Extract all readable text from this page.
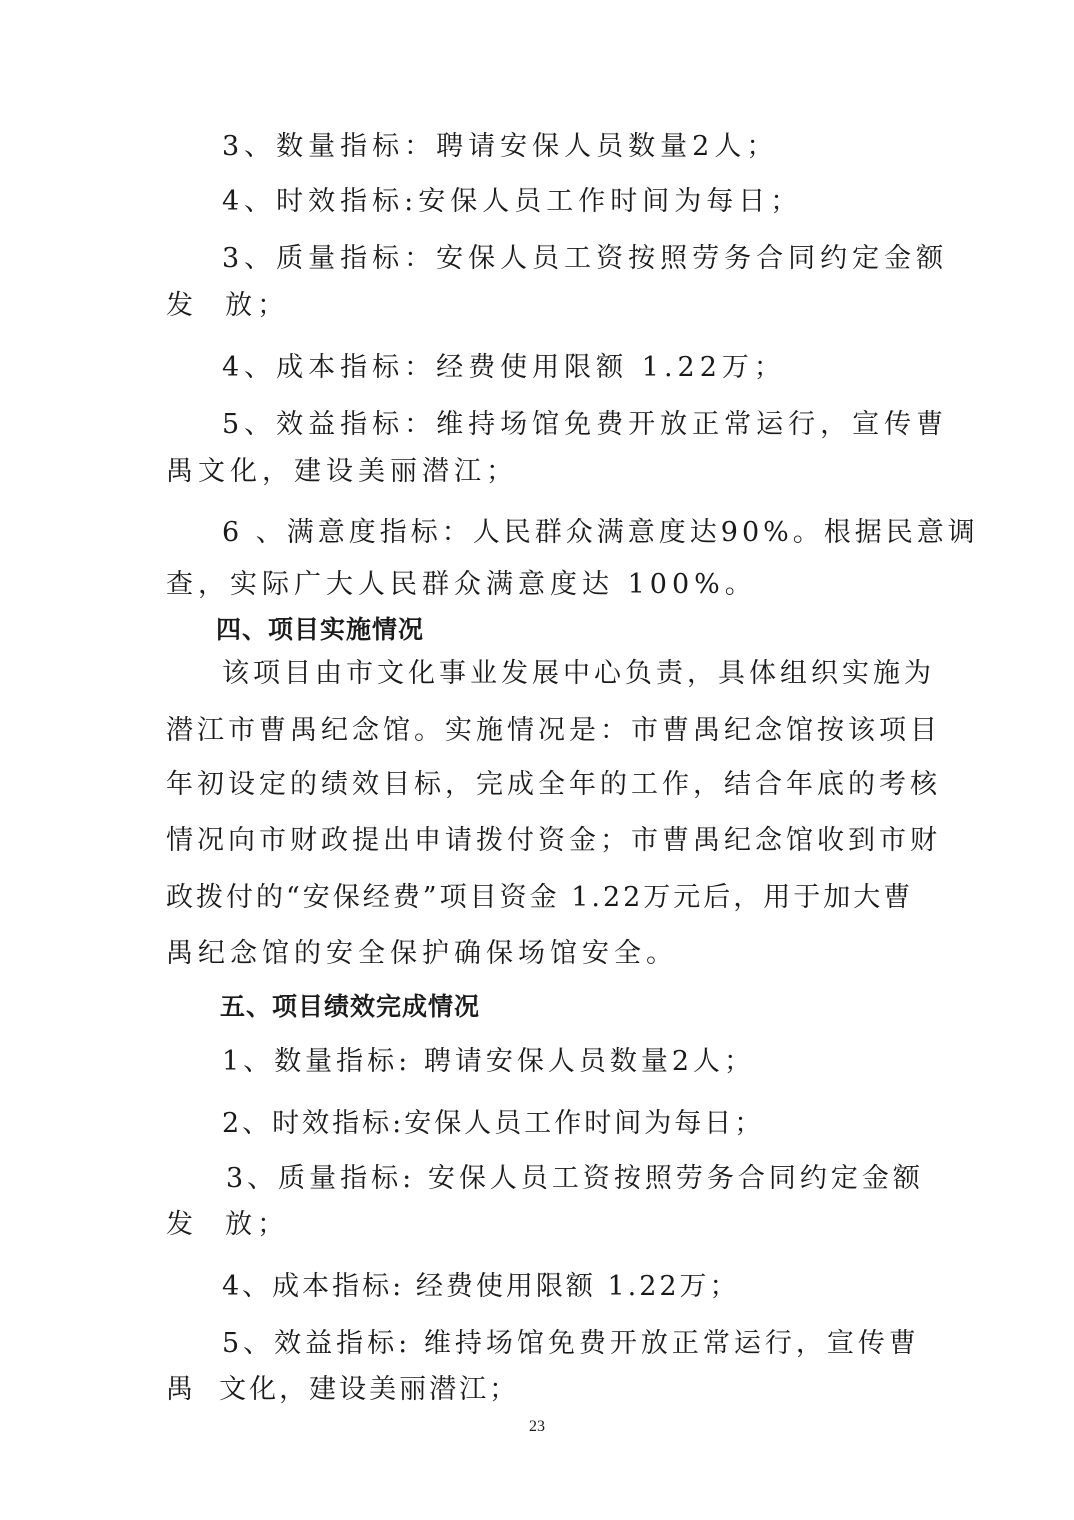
3、数量指标：聘请安保人员数量2人；
4、时效指标:安保人员工作时间为每日；
3、质量指标：安保人员工资按照劳务合同约定金额
发  放；
4、成本指标：经费使用限额 1.22万；
5、效益指标：维持场馆免费开放正常运行，宣传曹
禺文化，建设美丽潜江；
6 、满意度指标：人民群众满意度达90%。根据民意调
查，实际广大人民群众满意度达 100%。
四、项目实施情况
该项目由市文化事业发展中心负责，具体组织实施为
潜江市曹禺纪念馆。实施情况是：市曹禺纪念馆按该项目
年初设定的绩效目标，完成全年的工作，结合年底的考核
情况向市财政提出申请拨付资金；市曹禺纪念馆收到市财
政拨付的“安保经费”项目资金 1.22万元后，用于加大曹
禺纪念馆的安全保护确保场馆安全。
五、项目绩效完成情况
1、数量指标: 聘请安保人员数量2人；
2、时效指标:安保人员工作时间为每日；
3、质量指标: 安保人员工资按照劳务合同约定金额
发  放；
4、成本指标: 经费使用限额 1.22万；
5、效益指标: 维持场馆免费开放正常运行，宣传曹
禺  文化，建设美丽潜江；
23
